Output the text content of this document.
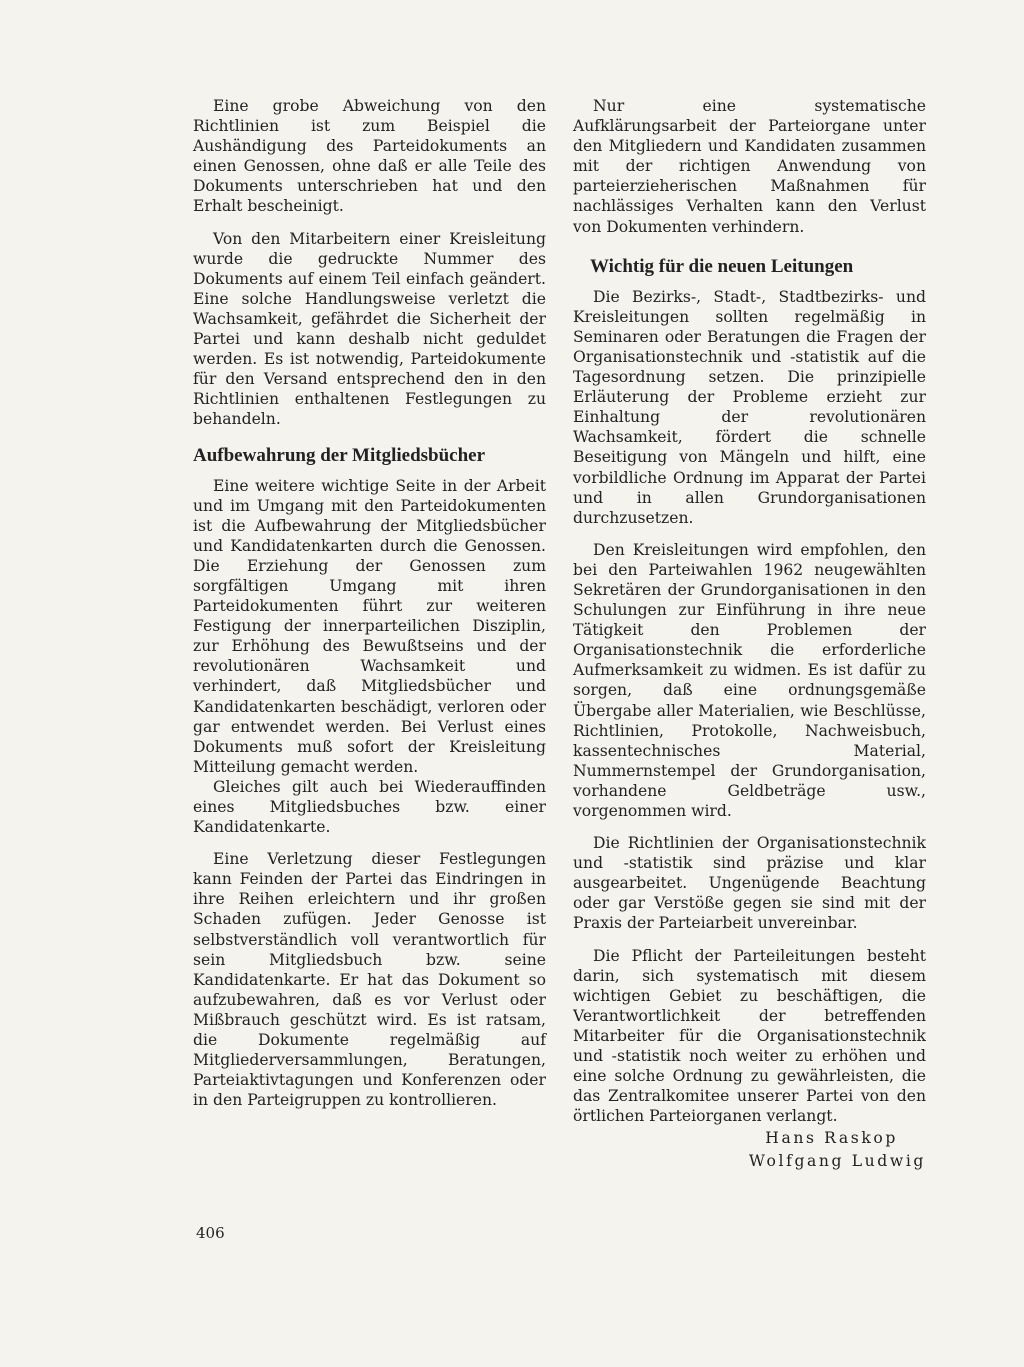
Eine grobe Abweichung von den Richtlinien ist zum Beispiel die Aushändigung des Parteidokuments an einen Genossen, ohne daß er alle Teile des Dokuments unterschrieben hat und den Erhalt bescheinigt.

Von den Mitarbeitern einer Kreisleitung wurde die gedruckte Nummer des Dokuments auf einem Teil einfach geändert. Eine solche Handlungsweise verletzt die Wachsamkeit, gefährdet die Sicherheit der Partei und kann deshalb nicht geduldet werden. Es ist notwendig, Parteidokumente für den Versand entsprechend den in den Richtlinien enthaltenen Festlegungen zu behandeln.

Aufbewahrung der Mitgliedsbücher

Eine weitere wichtige Seite in der Arbeit und im Umgang mit den Parteidokumenten ist die Aufbewahrung der Mitgliedsbücher und Kandidatenkarten durch die Genossen. Die Erziehung der Genossen zum sorgfältigen Umgang mit ihren Parteidokumenten führt zur weiteren Festigung der innerparteilichen Disziplin, zur Erhöhung des Bewußtseins und der revolutionären Wachsamkeit und verhindert, daß Mitgliedsbücher und Kandidatenkarten beschädigt, verloren oder gar entwendet werden. Bei Verlust eines Dokuments muß sofort der Kreisleitung Mitteilung gemacht werden.

Gleiches gilt auch bei Wiederauffinden eines Mitgliedsbuches bzw. einer Kandidatenkarte.

Eine Verletzung dieser Festlegungen kann Feinden der Partei das Eindringen in ihre Reihen erleichtern und ihr großen Schaden zufügen. Jeder Genosse ist selbstverständlich voll verantwortlich für sein Mitgliedsbuch bzw. seine Kandidatenkarte. Er hat das Dokument so aufzubewahren, daß es vor Verlust oder Mißbrauch geschützt wird. Es ist ratsam, die Dokumente regelmäßig auf Mitgliederversammlungen, Beratungen, Parteiaktivtagungen und Konferenzen oder in den Parteigruppen zu kontrollieren.

Nur eine systematische Aufklärungsarbeit der Parteiorgane unter den Mitgliedern und Kandidaten zusammen mit der richtigen Anwendung von parteierzieherischen Maßnahmen für nachlässiges Verhalten kann den Verlust von Dokumenten verhindern.

Wichtig für die neuen Leitungen

Die Bezirks-, Stadt-, Stadtbezirks- und Kreisleitungen sollten regelmäßig in Seminaren oder Beratungen die Fragen der Organisationstechnik und -statistik auf die Tagesordnung setzen. Die prinzipielle Erläuterung der Probleme erzieht zur Einhaltung der revolutionären Wachsamkeit, fördert die schnelle Beseitigung von Mängeln und hilft, eine vorbildliche Ordnung im Apparat der Partei und in allen Grundorganisationen durchzusetzen.

Den Kreisleitungen wird empfohlen, den bei den Parteiwahlen 1962 neugewählten Sekretären der Grundorganisationen in den Schulungen zur Einführung in ihre neue Tätigkeit den Problemen der Organisationstechnik die erforderliche Aufmerksamkeit zu widmen. Es ist dafür zu sorgen, daß eine ordnungsgemäße Übergabe aller Materialien, wie Beschlüsse, Richtlinien, Protokolle, Nachweisbuch, kassentechnisches Material, Nummernstempel der Grundorganisation, vorhandene Geldbeträge usw., vorgenommen wird.

Die Richtlinien der Organisationstechnik und -statistik sind präzise und klar ausgearbeitet. Ungenügende Beachtung oder gar Verstöße gegen sie sind mit der Praxis der Parteiarbeit unvereinbar.

Die Pflicht der Parteileitungen besteht darin, sich systematisch mit diesem wichtigen Gebiet zu beschäftigen, die Verantwortlichkeit der betreffenden Mitarbeiter für die Organisationstechnik und -statistik noch weiter zu erhöhen und eine solche Ordnung zu gewährleisten, die das Zentralkomitee unserer Partei von den örtlichen Parteiorganen verlangt.

Hans Raskop

Wolfgang Ludwig

406
